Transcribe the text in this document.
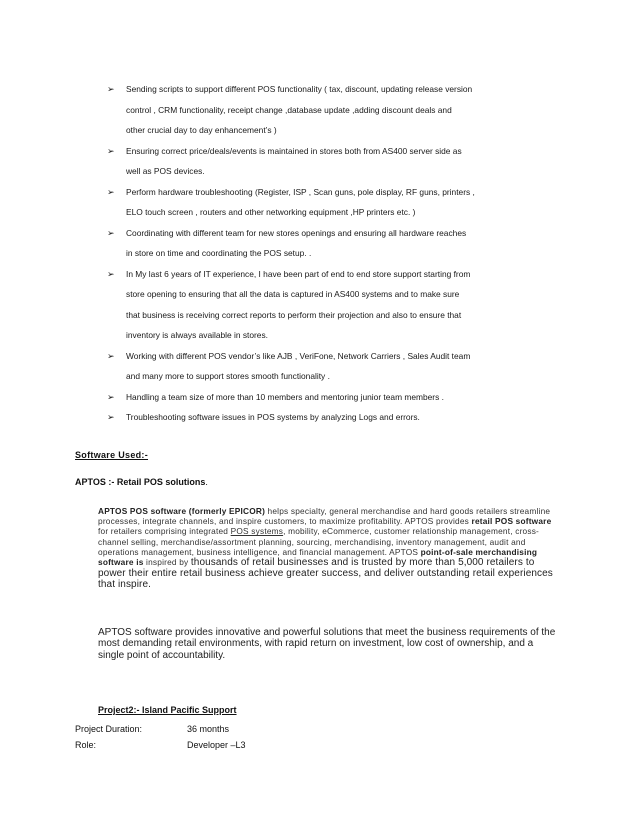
➢ Sending scripts to support different POS functionality ( tax, discount, updating release version
control , CRM functionality, receipt change ,database update ,adding discount deals and
other crucial day to day enhancement’s )
➢ Ensuring correct price/deals/events is maintained in stores both from AS400 server side as
well as POS devices.
➢ Perform hardware troubleshooting (Register, ISP , Scan guns, pole display, RF guns, printers ,
ELO touch screen , routers and other networking equipment ,HP printers etc. )
➢ Coordinating with different team for new stores openings and ensuring all hardware reaches
in store on time and coordinating the POS setup. .
➢ In My last 6 years of IT experience, I have been part of end to end store support starting from
store opening to ensuring that all the data is captured in AS400 systems and to make sure
that business is receiving correct reports to perform their projection and also to ensure that
inventory is always available in stores.
➢ Working with different POS vendor’s like AJB , VeriFone, Network Carriers , Sales Audit team
and many more to support stores smooth functionality .
➢ Handling a team size of more than 10 members and mentoring junior team members .
➢ Troubleshooting software issues in POS systems by analyzing Logs and errors.
Software Used:-
APTOS :- Retail POS solutions.
APTOS POS software (formerly EPICOR) helps specialty, general merchandise and hard goods retailers streamline processes, integrate channels, and inspire customers, to maximize profitability. APTOS provides retail POS software for retailers comprising integrated POS systems, mobility, eCommerce, customer relationship management, cross-channel selling, merchandise/assortment planning, sourcing, merchandising, inventory management, audit and operations management, business intelligence, and financial management. APTOS point-of-sale merchandising software is inspired by thousands of retail businesses and is trusted by more than 5,000 retailers to power their entire retail business achieve greater success, and deliver outstanding retail experiences that inspire.
APTOS software provides innovative and powerful solutions that meet the business requirements of the most demanding retail environments, with rapid return on investment, low cost of ownership, and a single point of accountability.
Project2:- Island Pacific Support
Project Duration:	36 months
Role:	Developer –L3
